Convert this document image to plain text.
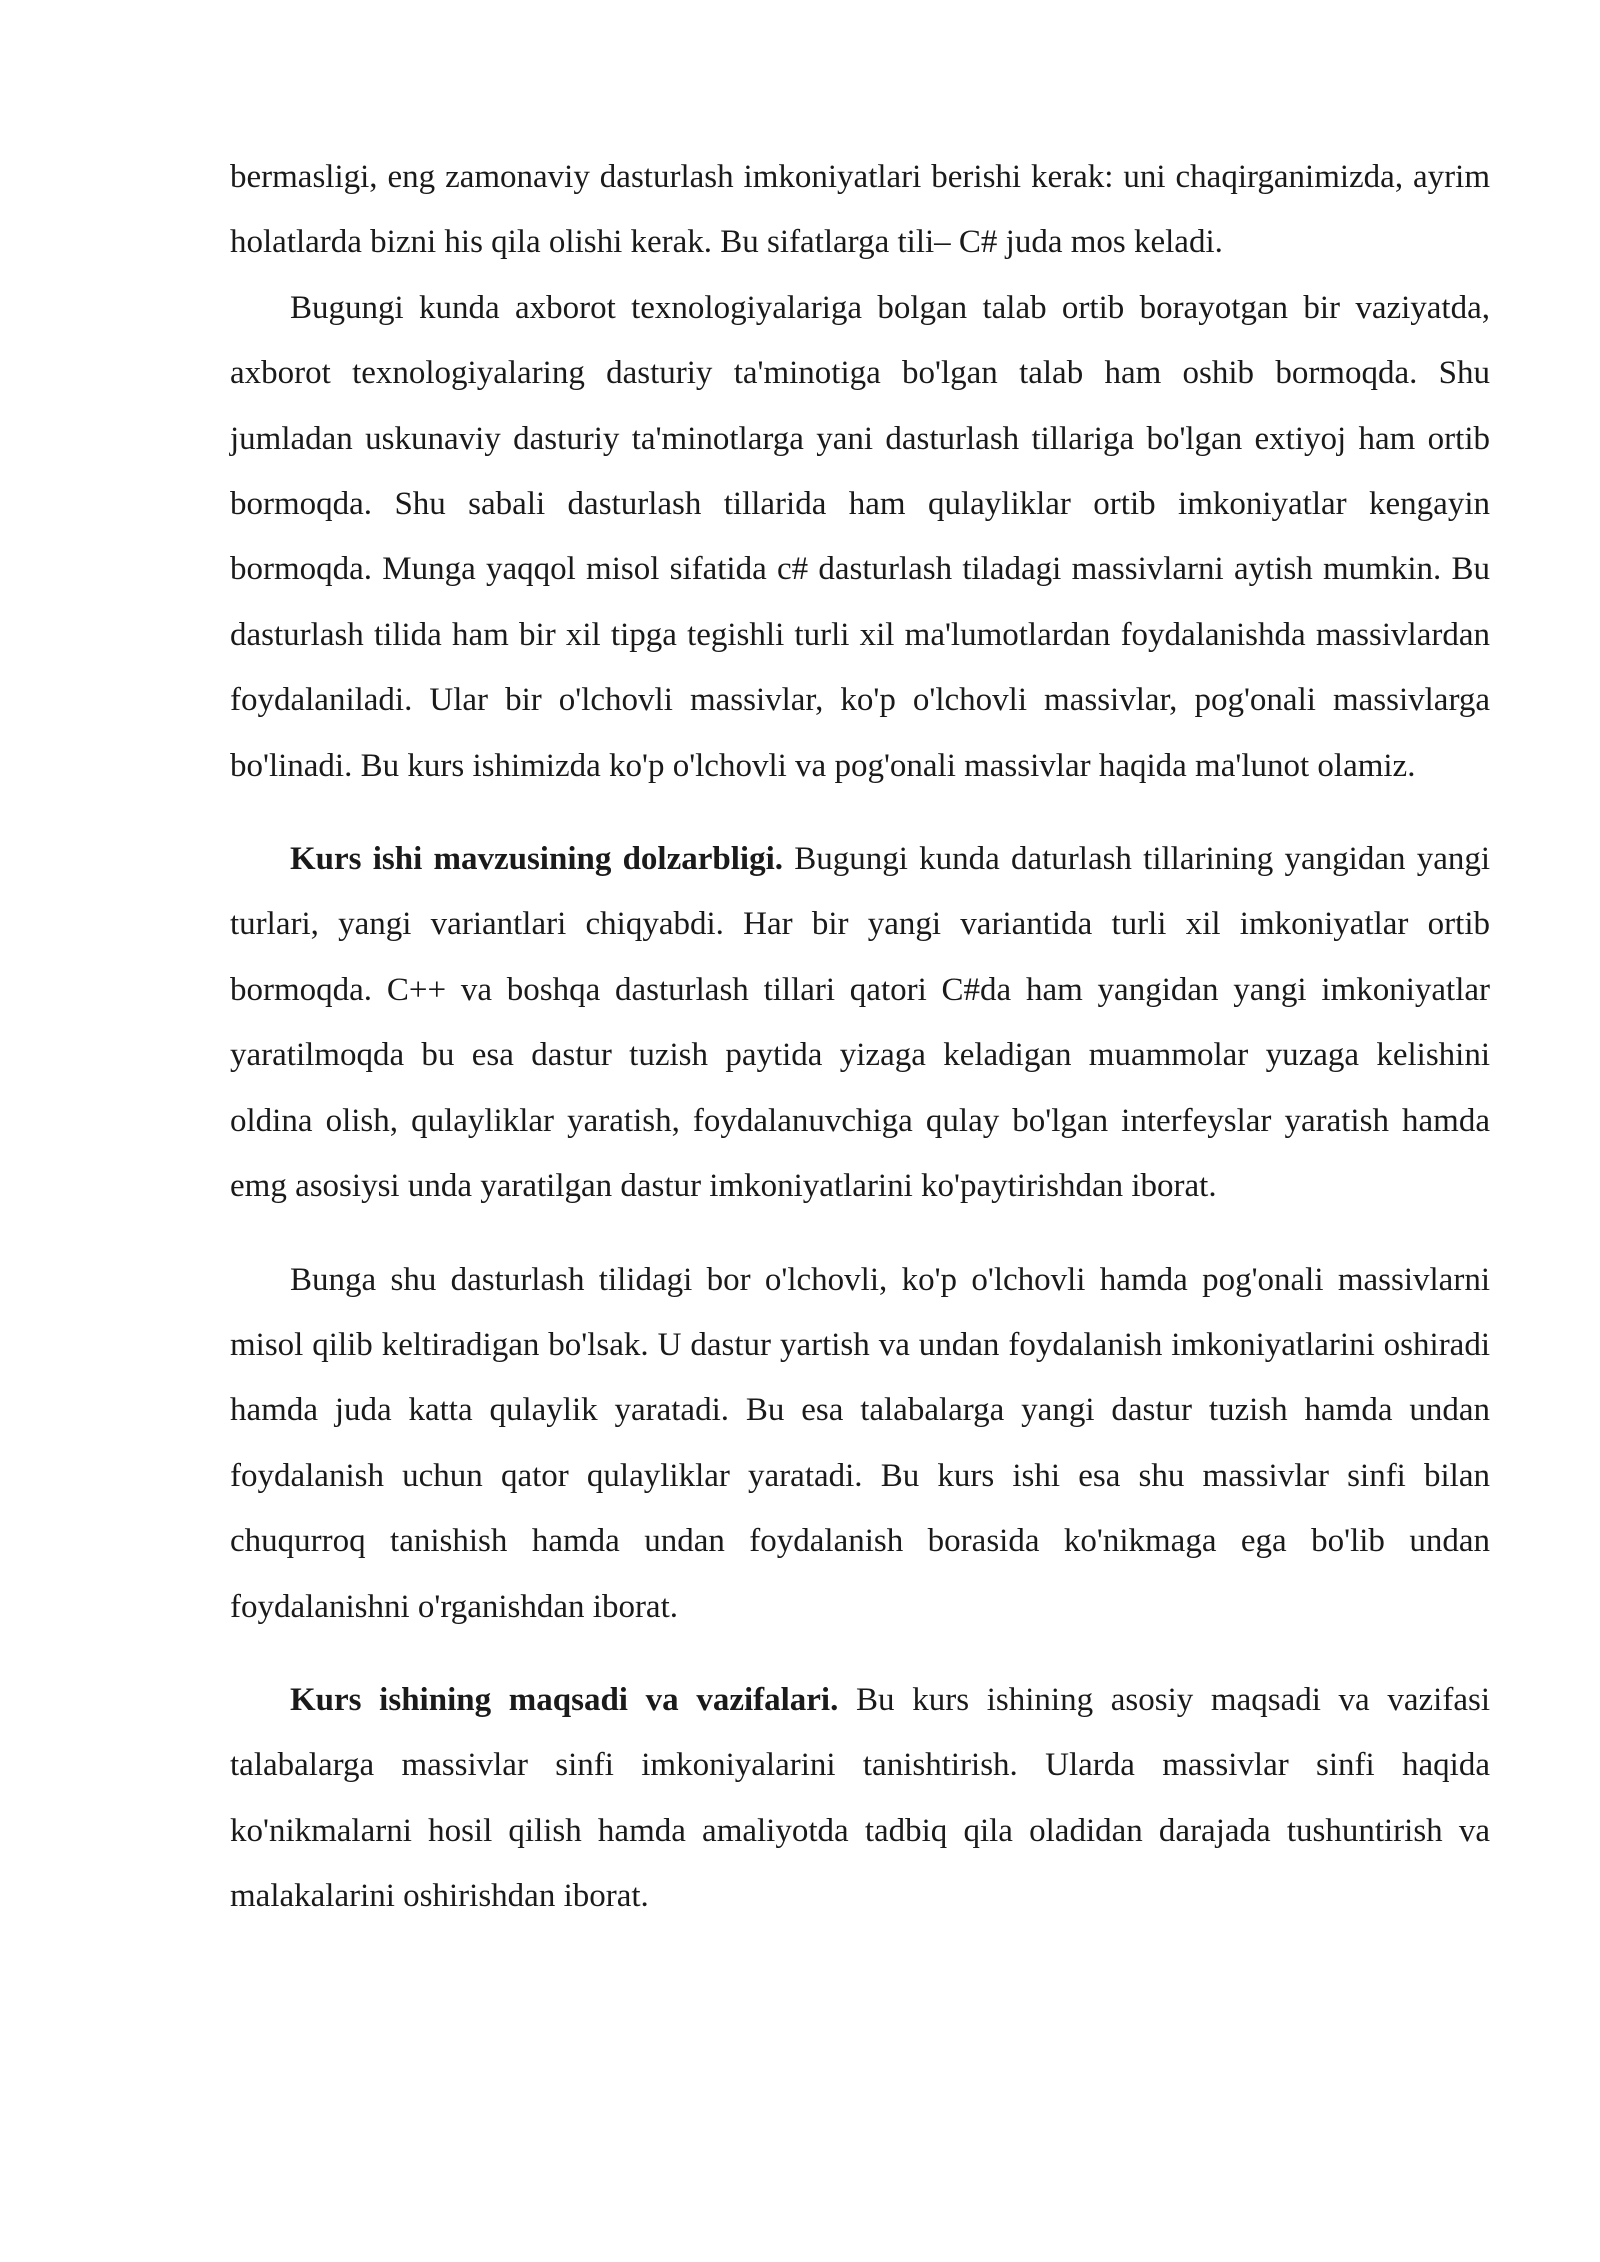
bermasligi, eng zamonaviy dasturlash imkoniyatlari berishi kerak: uni chaqirganimizda, ayrim holatlarda bizni his qila olishi kerak. Bu sifatlarga tili– C# juda mos keladi.

Bugungi kunda axborot texnologiyalariga bolgan talab ortib borayotgan bir vaziyatda, axborot texnologiyalaring dasturiy ta'minotiga bo'lgan talab ham oshib bormoqda. Shu jumladan uskunaviy dasturiy ta'minotlarga yani dasturlash tillariga bo'lgan extiyoj ham ortib bormoqda. Shu sabali dasturlash tillarida ham qulayliklar ortib imkoniyatlar kengayin bormoqda. Munga yaqqol misol sifatida c# dasturlash tiladagi massivlarni aytish mumkin. Bu dasturlash tilida ham bir xil tipga tegishli turli xil ma'lumotlardan foydalanishda massivlardan foydalaniladi. Ular bir o'lchovli massivlar, ko'p o'lchovli massivlar, pog'onali massivlarga bo'linadi. Bu kurs ishimizda ko'p o'lchovli va pog'onali massivlar haqida ma'lunot olamiz.

Kurs ishi mavzusining dolzarbligi. Bugungi kunda daturlash tillarining yangidan yangi turlari, yangi variantlari chiqyabdi. Har bir yangi variantida turli xil imkoniyatlar ortib bormoqda. C++ va boshqa dasturlash tillari qatori C#da ham yangidan yangi imkoniyatlar yaratilmoqda bu esa dastur tuzish paytida yizaga keladigan muammolar yuzaga kelishini oldina olish, qulayliklar yaratish, foydalanuvchiga qulay bo'lgan interfeyslar yaratish hamda emg asosiysi unda yaratilgan dastur imkoniyatlarini ko'paytirishdan iborat.

Bunga shu dasturlash tilidagi bor o'lchovli, ko'p o'lchovli hamda pog'onali massivlarni misol qilib keltiradigan bo'lsak. U dastur yartish va undan foydalanish imkoniyatlarini oshiradi hamda juda katta qulaylik yaratadi. Bu esa talabalarga yangi dastur tuzish hamda undan foydalanish uchun qator qulayliklar yaratadi. Bu kurs ishi esa shu massivlar sinfi bilan chuqurroq tanishish hamda undan foydalanish borasida ko'nikmaga ega bo'lib undan foydalanishni o'rganishdan iborat.

Kurs ishining maqsadi va vazifalari. Bu kurs ishining asosiy maqsadi va vazifasi talabalarga massivlar sinfi imkoniyalarini tanishtirish. Ularda massivlar sinfi haqida ko'nikmalarni hosil qilish hamda amaliyotda tadbiq qila oladidan darajada tushuntirish va malakalarini oshirishdan iborat.
